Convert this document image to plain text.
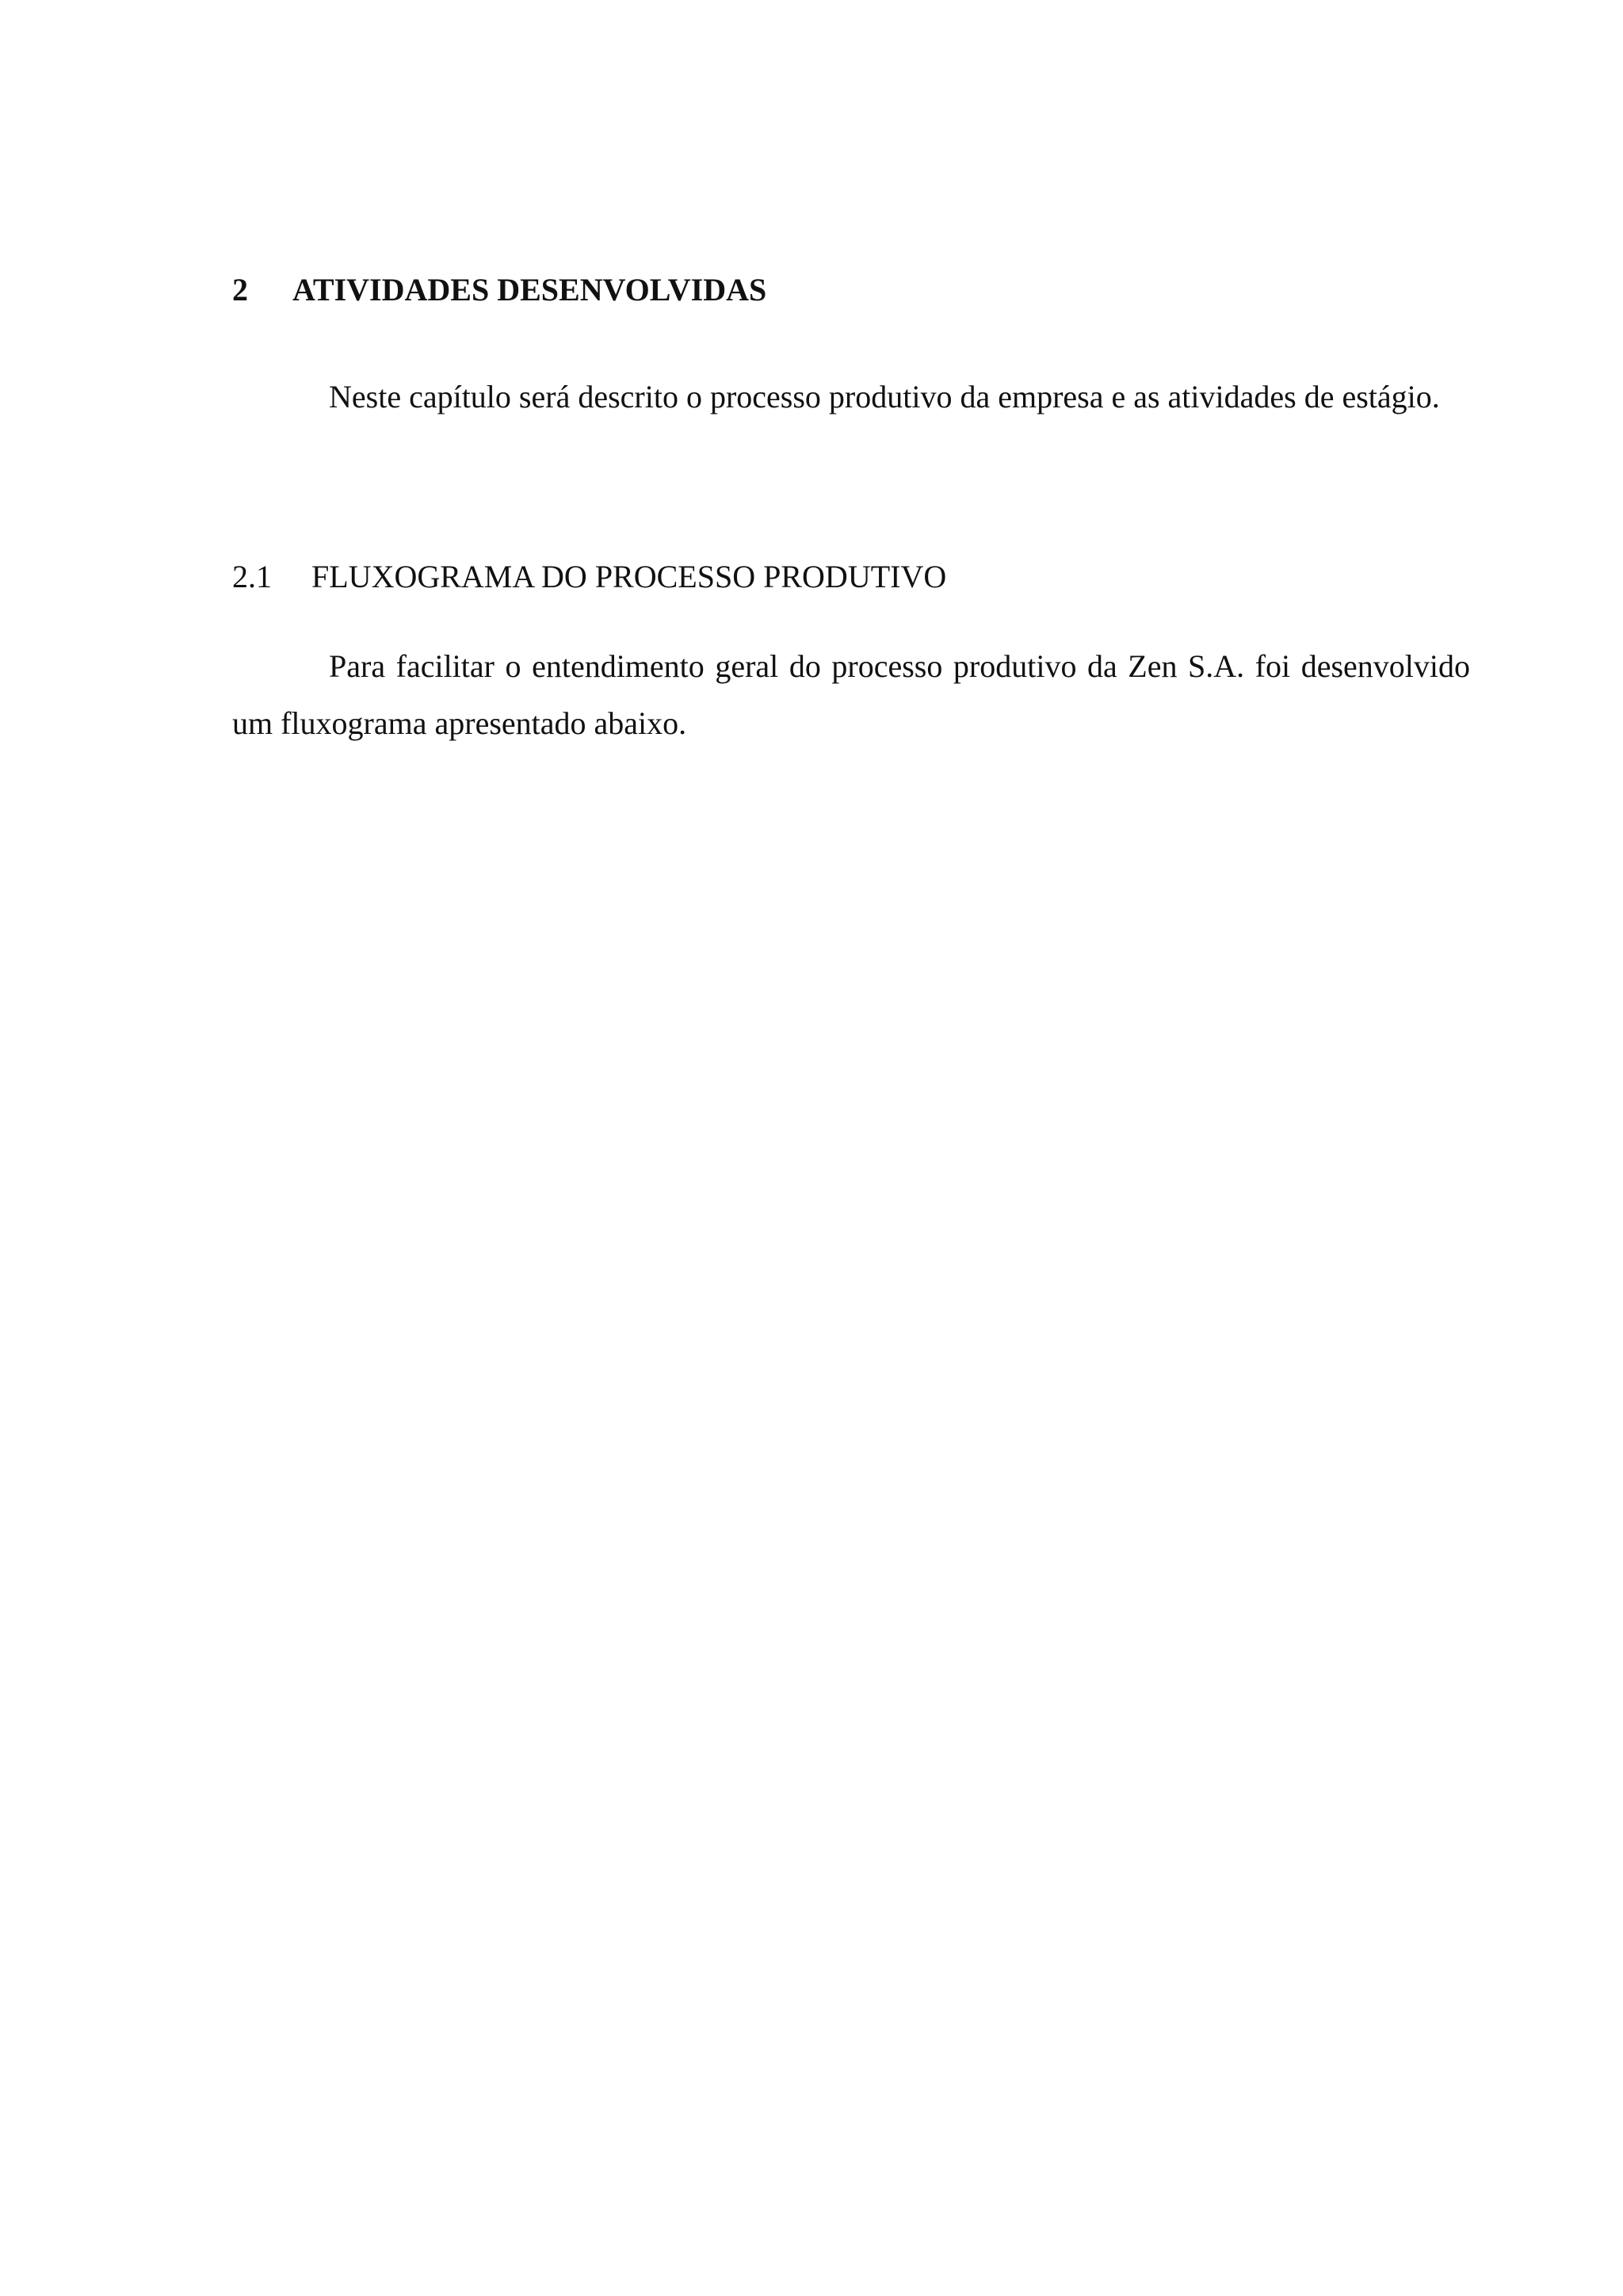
2	ATIVIDADES DESENVOLVIDAS

Neste capítulo será descrito o processo produtivo da empresa e as atividades de estágio.

2.1	FLUXOGRAMA DO PROCESSO PRODUTIVO

Para facilitar o entendimento geral do processo produtivo da Zen S.A. foi desenvolvido um fluxograma apresentado abaixo.
